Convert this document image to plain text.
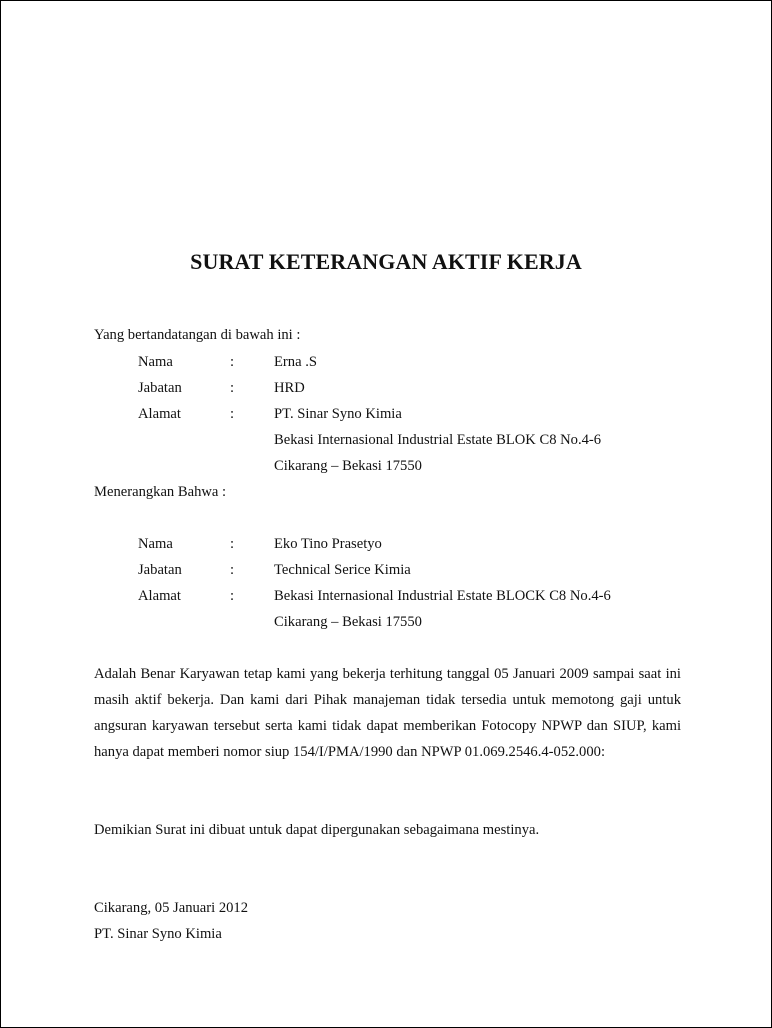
SURAT KETERANGAN AKTIF KERJA
Yang bertandatangan di bawah ini :
Nama	:	Erna .S
Jabatan	:	HRD
Alamat	:	PT. Sinar Syno Kimia
Bekasi Internasional Industrial Estate BLOK C8 No.4-6
Cikarang – Bekasi 17550
Menerangkan Bahwa :
Nama	:	Eko Tino Prasetyo
Jabatan	:	Technical Serice Kimia
Alamat	:	Bekasi Internasional Industrial Estate BLOCK C8 No.4-6
Cikarang – Bekasi 17550

Adalah Benar Karyawan tetap kami yang bekerja terhitung tanggal 05 Januari 2009 sampai saat ini masih aktif bekerja. Dan kami dari Pihak manajeman tidak tersedia untuk memotong gaji untuk angsuran karyawan tersebut serta kami tidak dapat memberikan Fotocopy NPWP dan SIUP, kami hanya dapat memberi nomor siup 154/I/PMA/1990 dan NPWP 01.069.2546.4-052.000:

Demikian Surat ini dibuat untuk dapat dipergunakan sebagaimana mestinya.
Cikarang, 05 Januari 2012
PT. Sinar Syno Kimia
